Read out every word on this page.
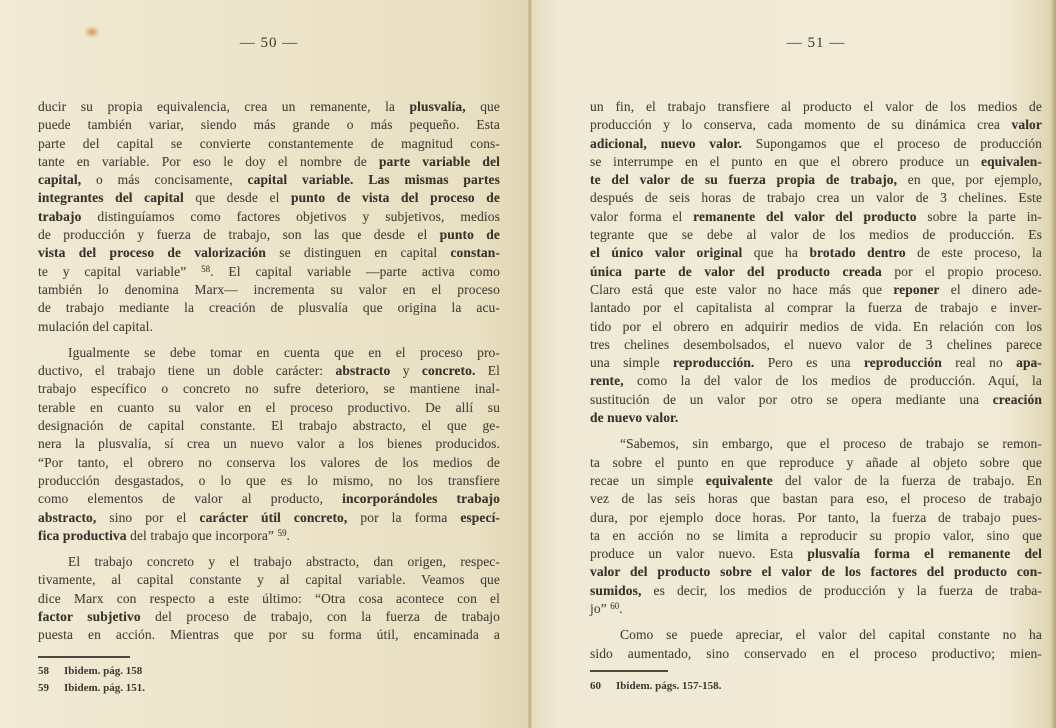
— 50 —
ducir su propia equivalencia, crea un remanente, la plusvalía, que
puede también variar, siendo más grande o más pequeño. Esta
parte del capital se convierte constantemente de magnitud cons-
tante en variable. Por eso le doy el nombre de parte variable del
capital, o más concisamente, capital variable. Las mismas partes
integrantes del capital que desde el punto de vista del proceso de
trabajo distinguíamos como factores objetivos y subjetivos, medios
de producción y fuerza de trabajo, son las que desde el punto de
vista del proceso de valorización se distinguen en capital constan-
te y capital variable” $^{58}$. El capital variable —parte activa como
también lo denomina Marx— incrementa su valor en el proceso
de trabajo mediante la creación de plusvalía que origina la acu-
mulación del capital.
Igualmente se debe tomar en cuenta que en el proceso pro-
ductivo, el trabajo tiene un doble carácter: abstracto y concreto. El
trabajo específico o concreto no sufre deterioro, se mantiene inal-
terable en cuanto su valor en el proceso productivo. De allí su
designación de capital constante. El trabajo abstracto, el que ge-
nera la plusvalía, sí crea un nuevo valor a los bienes producidos.
“Por tanto, el obrero no conserva los valores de los medios de
producción desgastados, o lo que es lo mismo, no los transfiere
como elementos de valor al producto, incorporándoles trabajo
abstracto, sino por el carácter útil concreto, por la forma especí-
fica productiva del trabajo que incorpora” $^{59}$.
El trabajo concreto y el trabajo abstracto, dan origen, respec-
tivamente, al capital constante y al capital variable. Veamos que
dice Marx con respecto a este último: “Otra cosa acontece con el
factor subjetivo del proceso de trabajo, con la fuerza de trabajo
puesta en acción. Mientras que por su forma útil, encaminada a
58 Ibidem. pág. 158
59 Ibidem. pág. 151.
— 51 —
un fin, el trabajo transfiere al producto el valor de los medios de
producción y lo conserva, cada momento de su dinámica crea valor
adicional, nuevo valor. Supongamos que el proceso de producción
se interrumpe en el punto en que el obrero produce un equivalen-
te del valor de su fuerza propia de trabajo, en que, por ejemplo,
después de seis horas de trabajo crea un valor de 3 chelines. Este
valor forma el remanente del valor del producto sobre la parte in-
tegrante que se debe al valor de los medios de producción. Es
el único valor original que ha brotado dentro de este proceso, la
única parte de valor del producto creada por el propio proceso.
Claro está que este valor no hace más que reponer el dinero ade-
lantado por el capitalista al comprar la fuerza de trabajo e inver-
tido por el obrero en adquirir medios de vida. En relación con los
tres chelines desembolsados, el nuevo valor de 3 chelines parece
una simple reproducción. Pero es una reproducción real no apa-
rente, como la del valor de los medios de producción. Aquí, la
sustitución de un valor por otro se opera mediante una creación
de nuevo valor.
“Sabemos, sin embargo, que el proceso de trabajo se remon-
ta sobre el punto en que reproduce y añade al objeto sobre que
recae un simple equivalente del valor de la fuerza de trabajo. En
vez de las seis horas que bastan para eso, el proceso de trabajo
dura, por ejemplo doce horas. Por tanto, la fuerza de trabajo pues-
ta en acción no se limita a reproducir su propio valor, sino que
produce un valor nuevo. Esta plusvalía forma el remanente del
valor del producto sobre el valor de los factores del producto con-
sumidos, es decir, los medios de producción y la fuerza de traba-
jo” $^{60}$.
Como se puede apreciar, el valor del capital constante no ha
sido aumentado, sino conservado en el proceso productivo; mien-
60 Ibidem. págs. 157-158.
